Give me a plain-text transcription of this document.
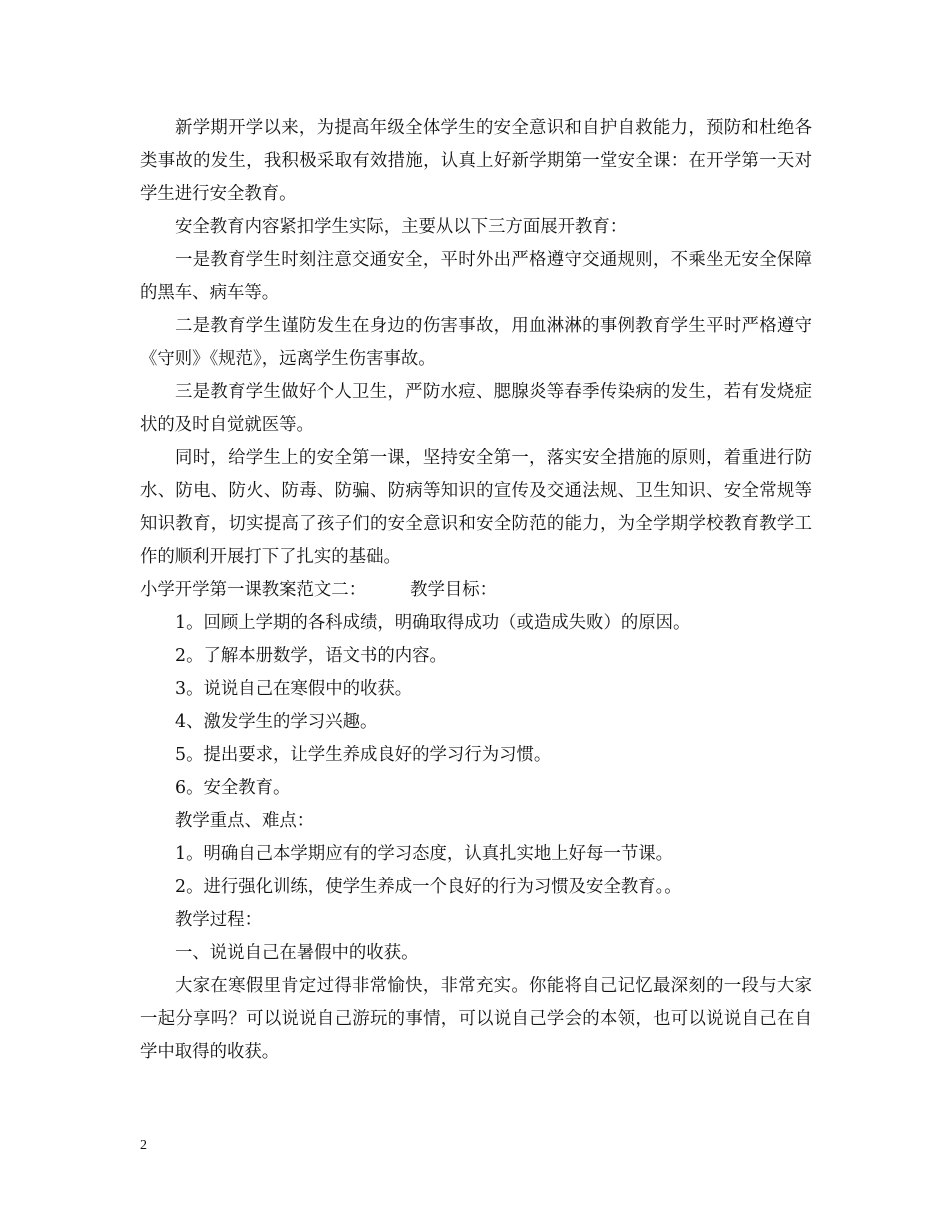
新学期开学以来，为提高年级全体学生的安全意识和自护自救能力，预防和杜绝各类事故的发生，我积极采取有效措施，认真上好新学期第一堂安全课：在开学第一天对学生进行安全教育。

安全教育内容紧扣学生实际，主要从以下三方面展开教育：

一是教育学生时刻注意交通安全，平时外出严格遵守交通规则，不乘坐无安全保障的黑车、病车等。

二是教育学生谨防发生在身边的伤害事故，用血淋淋的事例教育学生平时严格遵守《守则》《规范》，远离学生伤害事故。

三是教育学生做好个人卫生，严防水痘、腮腺炎等春季传染病的发生，若有发烧症状的及时自觉就医等。

同时，给学生上的安全第一课，坚持安全第一，落实安全措施的原则，着重进行防水、防电、防火、防毒、防骗、防病等知识的宣传及交通法规、卫生知识、安全常规等知识教育，切实提高了孩子们的安全意识和安全防范的能力，为全学期学校教育教学工作的顺利开展打下了扎实的基础。

小学开学第一课教案范文二：	教学目标：

1。回顾上学期的各科成绩，明确取得成功（或造成失败）的原因。

2。了解本册数学，语文书的内容。

3。说说自己在寒假中的收获。

4、激发学生的学习兴趣。

5。提出要求，让学生养成良好的学习行为习惯。

6。安全教育。

教学重点、难点：

1。明确自己本学期应有的学习态度，认真扎实地上好每一节课。

2。进行强化训练，使学生养成一个良好的行为习惯及安全教育。。

教学过程：

一、说说自己在暑假中的收获。

大家在寒假里肯定过得非常愉快，非常充实。你能将自己记忆最深刻的一段与大家一起分享吗？可以说说自己游玩的事情，可以说自己学会的本领，也可以说说自己在自学中取得的收获。

2
